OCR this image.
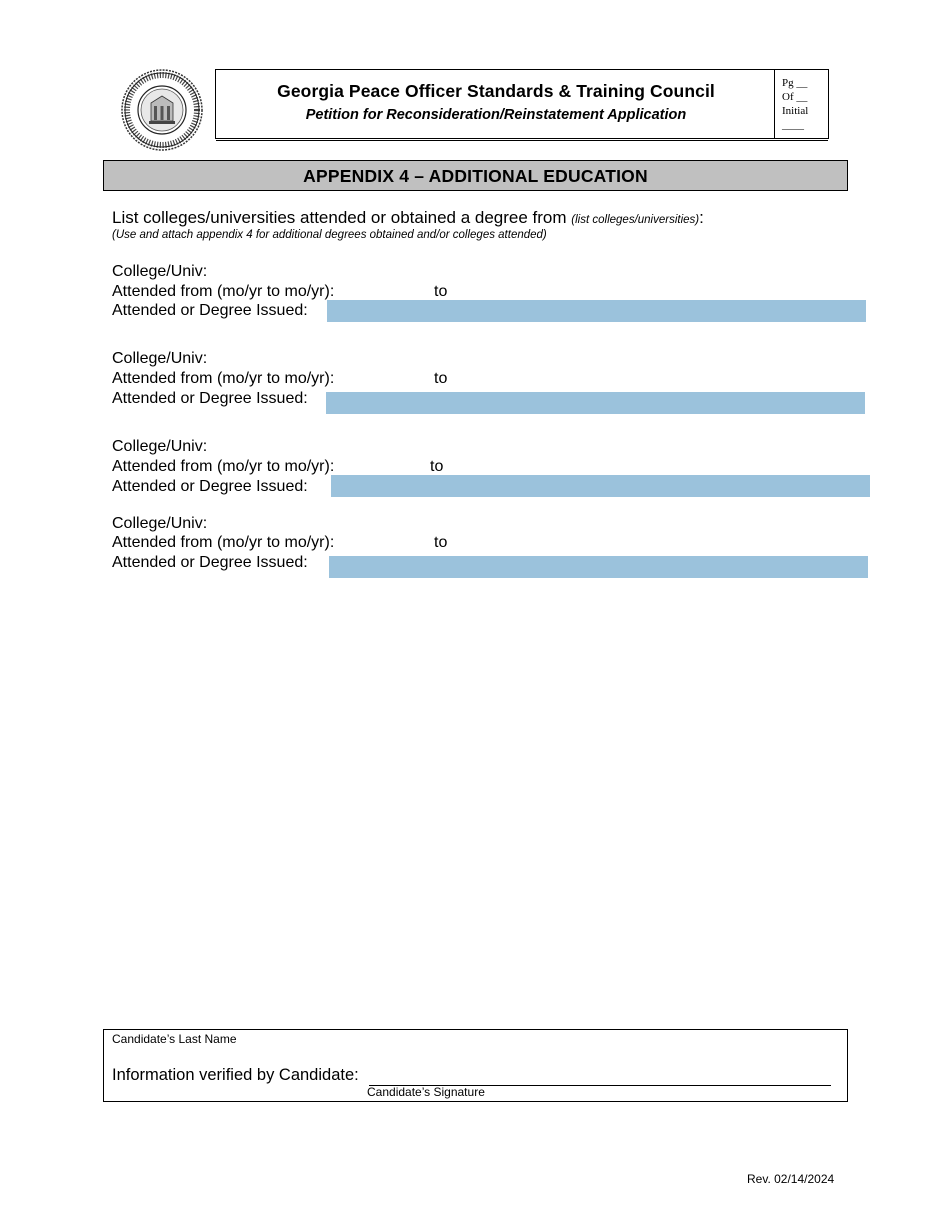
Georgia Peace Officer Standards & Training Council
Petition for Reconsideration/Reinstatement Application
Pg __
Of __
Initial
____
APPENDIX 4 – ADDITIONAL EDUCATION
List colleges/universities attended or obtained a degree from (list colleges/universities):
(Use and attach appendix 4 for additional degrees obtained and/or colleges attended)
College/Univ:
Attended from (mo/yr to mo/yr):	to
Attended or Degree Issued:
College/Univ:
Attended from (mo/yr to mo/yr):	to
Attended or Degree Issued:
College/Univ:
Attended from (mo/yr to mo/yr):	to
Attended or Degree Issued:
College/Univ:
Attended from (mo/yr to mo/yr):	to
Attended or Degree Issued:
Candidate’s Last Name
Information verified by Candidate:
Candidate’s Signature
Rev. 02/14/2024
